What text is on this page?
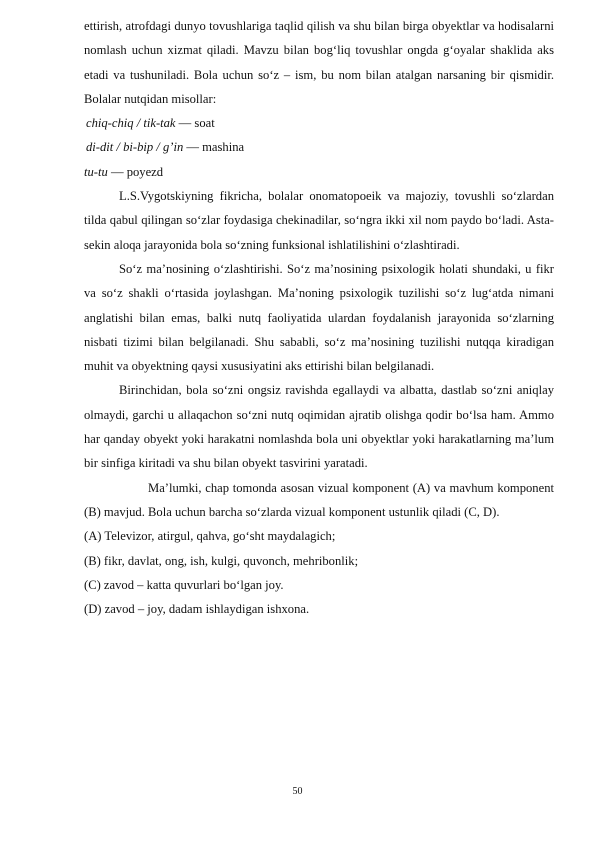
ettirish, atrofdagi dunyo tovushlariga taqlid qilish va shu bilan birga obyektlar va hodisalarni nomlash uchun xizmat qiladi. Mavzu bilan bog‘liq tovushlar ongda g‘oyalar shaklida aks etadi va tushuniladi. Bola uchun so‘z – ism, bu nom bilan atalgan narsaning bir qismidir. Bolalar nutqidan misollar:

chiq-chiq / tik-tak — soat

di-dit / bi-bip / g’in — mashina

tu-tu — poyezd

L.S.Vygotskiyning fikricha, bolalar onomatopoeik va majoziy, tovushli so‘zlardan tilda qabul qilingan so‘zlar foydasiga chekinadilar, so‘ngra ikki xil nom paydo bo‘ladi. Asta-sekin aloqa jarayonida bola so‘zning funksional ishlatilishini o‘zlashtiradi.

So‘z ma’nosining o‘zlashtirishi. So‘z ma’nosining psixologik holati shundaki, u fikr va so‘z shakli o‘rtasida joylashgan. Ma’noning psixologik tuzilishi so‘z lug‘atda nimani anglatishi bilan emas, balki nutq faoliyatida ulardan foydalanish jarayonida so‘zlarning nisbati tizimi bilan belgilanadi. Shu sababli, so‘z ma’nosining tuzilishi nutqqa kiradigan muhit va obyektning qaysi xususiyatini aks ettirishi bilan belgilanadi.

Birinchidan, bola so‘zni ongsiz ravishda egallaydi va albatta, dastlab so‘zni aniqlay olmaydi, garchi u allaqachon so‘zni nutq oqimidan ajratib olishga qodir bo‘lsa ham. Ammo har qanday obyekt yoki harakatni nomlashda bola uni obyektlar yoki harakatlarning ma’lum bir sinfiga kiritadi va shu bilan obyekt tasvirini yaratadi.

Ma’lumki, chap tomonda asosan vizual komponent (A) va mavhum komponent (B) mavjud. Bola uchun barcha so‘zlarda vizual komponent ustunlik qiladi (C, D).

(A) Televizor, atirgul, qahva, go‘sht maydalagich;

(B) fikr, davlat, ong, ish, kulgi, quvonch, mehribonlik;

(C) zavod – katta quvurlari bo‘lgan joy.

(D) zavod – joy, dadam ishlaydigan ishxona.

50
